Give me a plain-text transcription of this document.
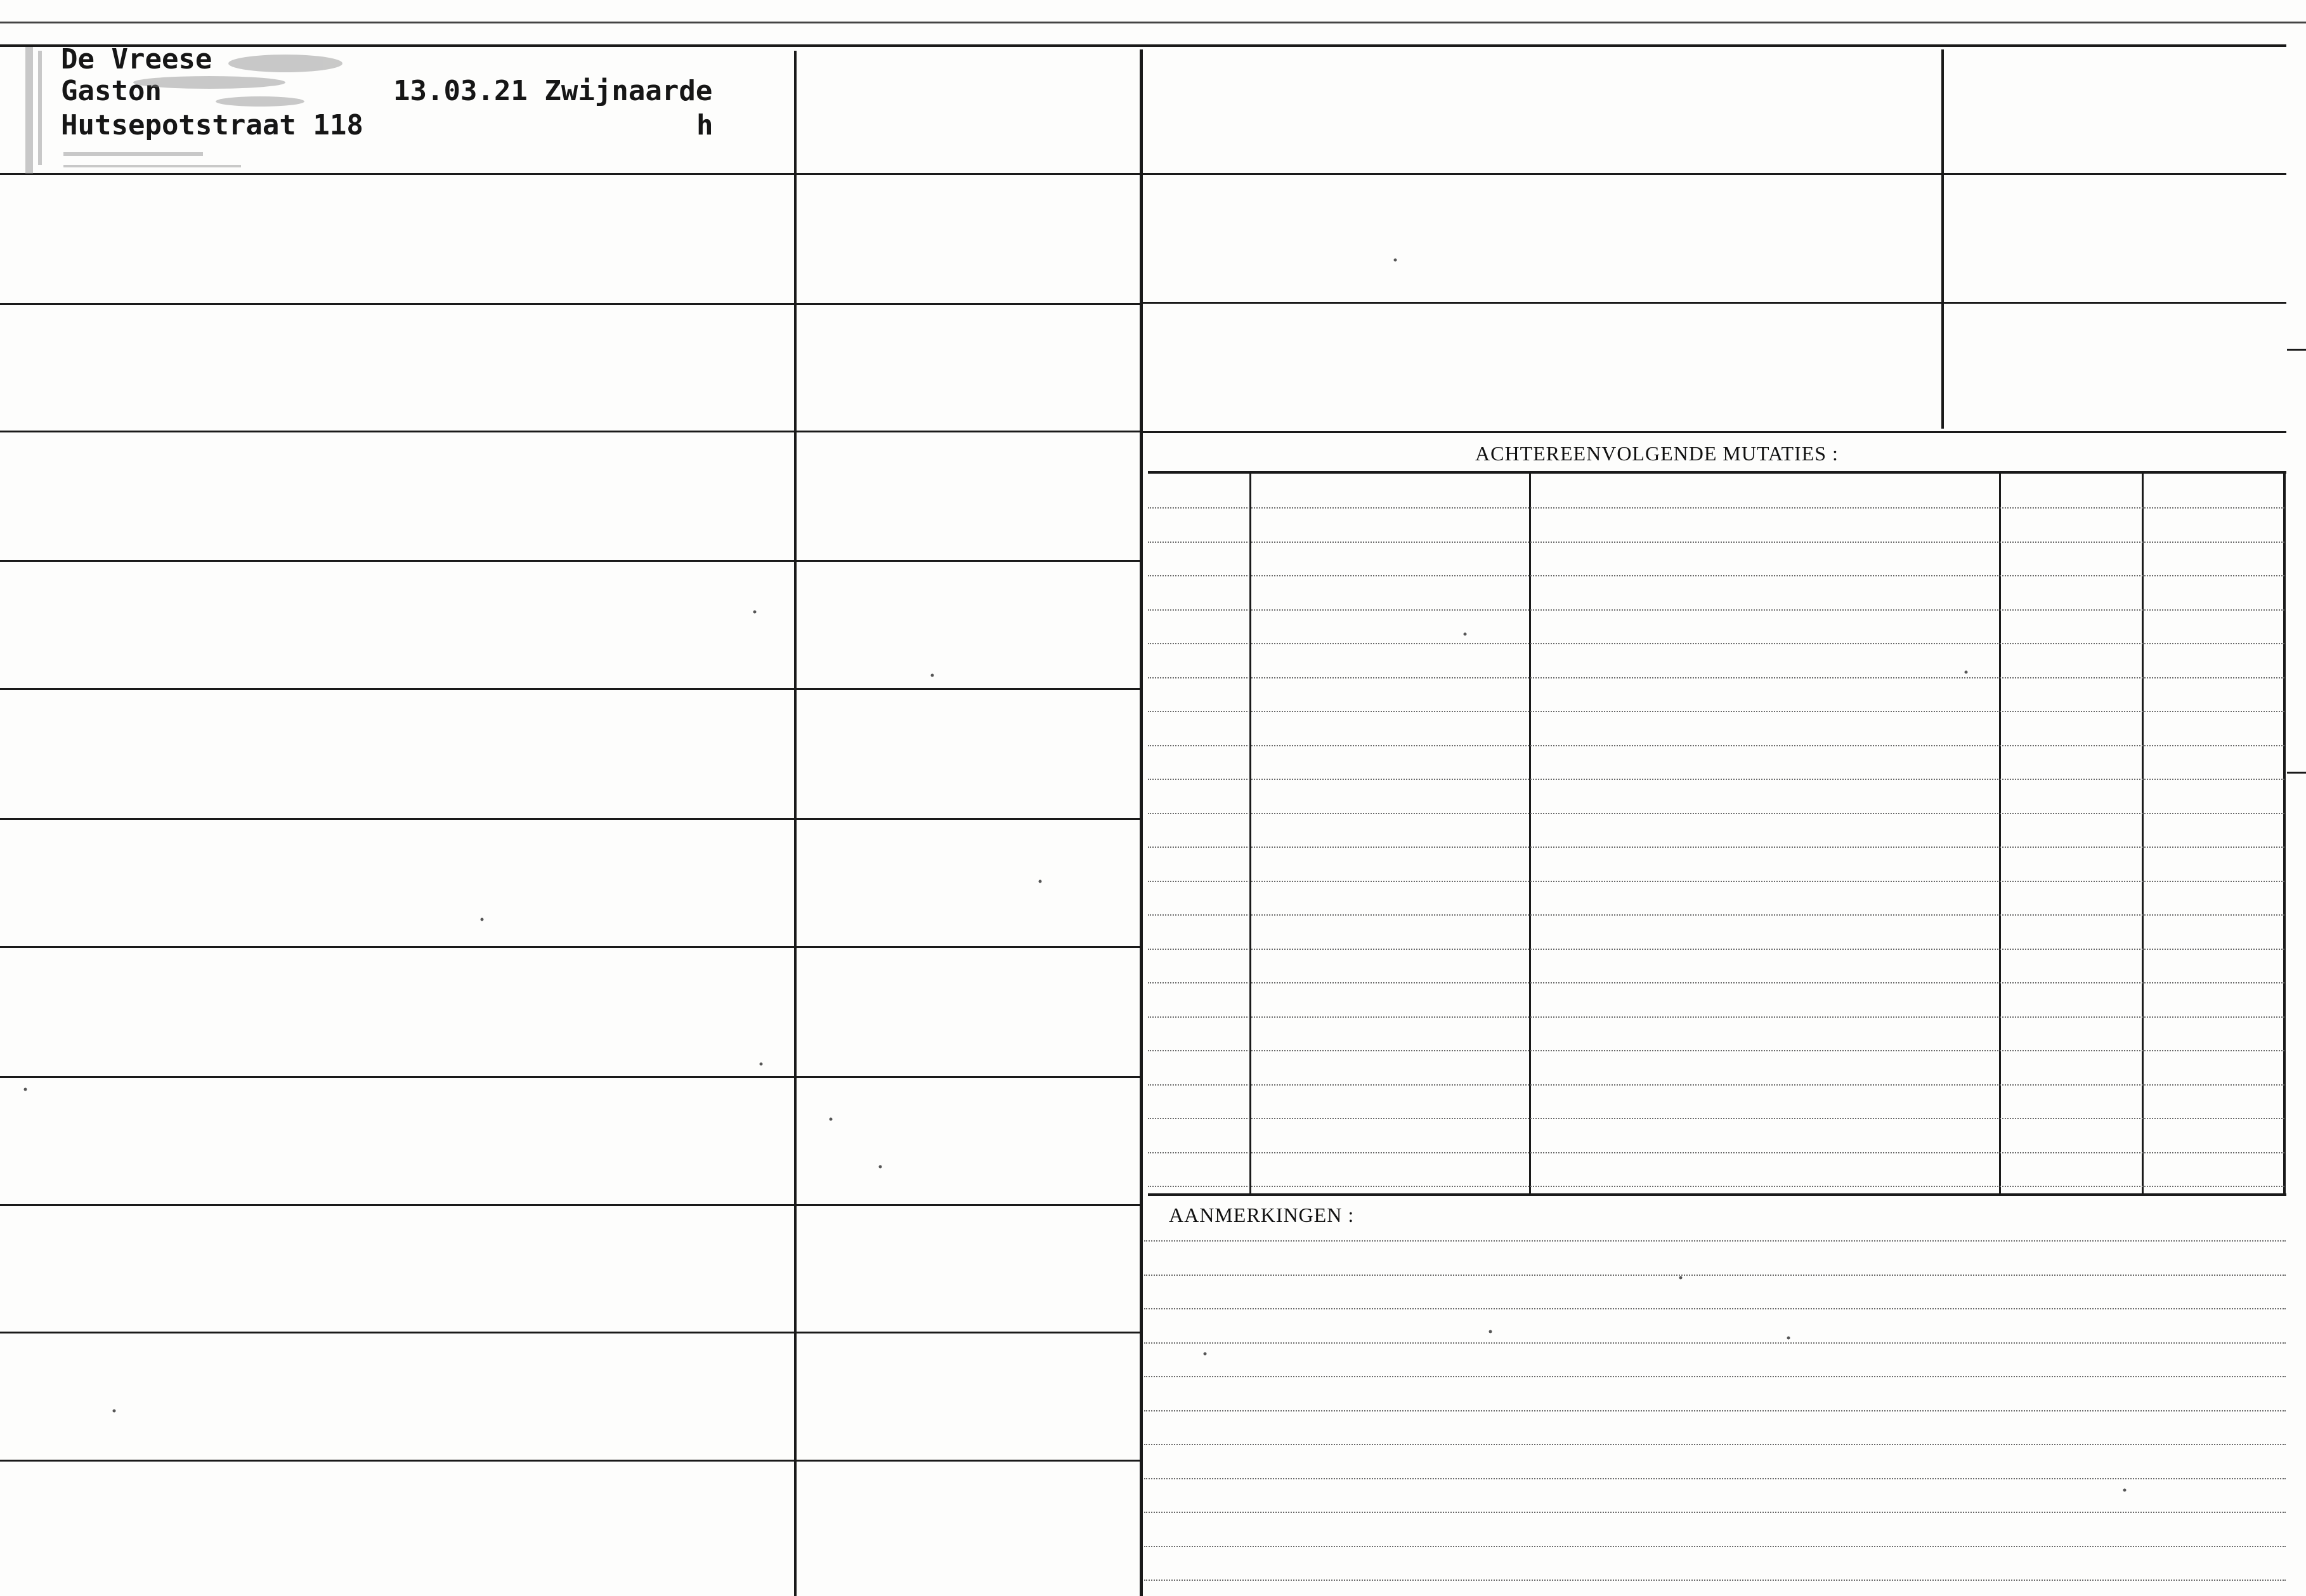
ACHTEREENVOLGENDE MUTATIES :
AANMERKINGEN :
De Vreese
Gaston	13.03.21 Zwijnaarde
Hutsepotstraat 118	h
